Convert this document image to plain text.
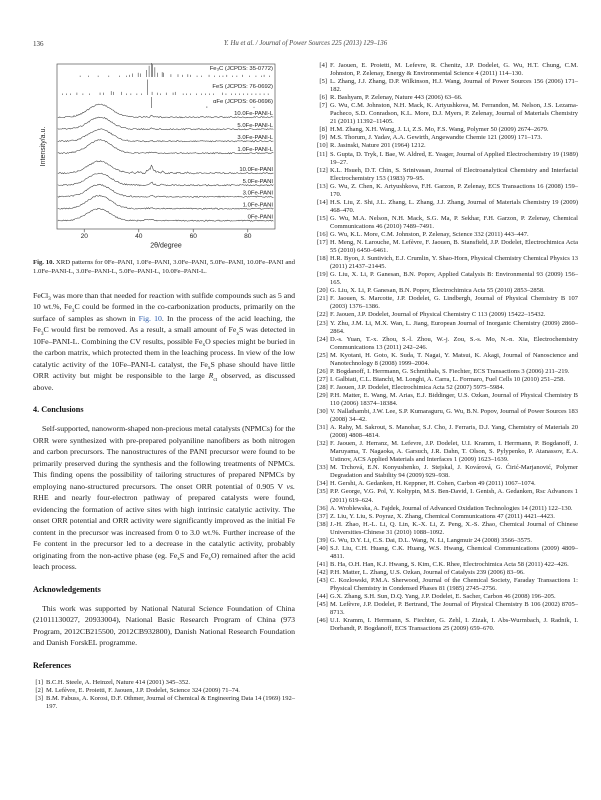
136	Y. Hu et al. / Journal of Power Sources 225 (2013) 129–136
Fe₃C (JCPDS: 35-0772)
FeS (JCPDS: 76-0692)
αFe (JCPDS: 06-0696)
10.0Fe-PANI-L
5.0Fe-PANI-L
3.0Fe-PANI-L
1.0Fe-PANI-L
10.0Fe-PANI
5.0Fe-PANI
3.0Fe-PANI
1.0Fe-PANI
0Fe-PANI
20	40	60	80
2θ/degree
Intensity/a.u.
Fig. 10. XRD patterns for 0Fe–PANI, 1.0Fe–PANI, 3.0Fe–PANI, 5.0Fe–PANI, 10.0Fe–PANI and 1.0Fe–PANI-L, 3.0Fe–PANI-L, 5.0Fe–PANI-L, 10.0Fe–PANI-L.

FeCl$_3$ was more than that needed for reaction with sulfide compounds such as 5 and 10 wt.%, $Fe_3C$ could be formed in the co-carbonization products, primarily on the surface of samples as shown in Fig. 10. In the process of the acid leaching, the $Fe_3C$ would first be removed. As a result, a small amount of $Fe_xS$ was detected in 10Fe–PANI-L. Combining the CV results, possible $Fe_xO$ species might be buried in the carbon matrix, which protected them in the leaching process. In view of the low catalytic activity of the 10Fe–PANI-L catalyst, the $Fe_xS$ phase should have little ORR activity but might be responsible to the large $R_{ct}$ observed, as discussed above.

4. Conclusions

Self-supported, nanoworm-shaped non-precious metal catalysts (NPMCs) for the ORR were synthesized with pre-prepared polyaniline nanofibers as both nitrogen and carbon precursors. The nanostructures of the PANI precursor were found to be primarily preserved during the synthesis and the following treatments of NPMCs. This finding opens the possibility of tailoring structures of prepared NPMCs by employing nano-structured precursors. The onset ORR potential of 0.905 V vs. RHE and nearly four-electron pathway of prepared catalysts were found, evidencing the formation of active sites with high intrinsic catalytic activity. The onset ORR potential and ORR activity were significantly improved as the initial Fe content in the precursor was increased from 0 to 3.0 wt.%. Further increase of the Fe content in the precursor led to a decrease in the catalytic activity, probably originating from the non-active phase (eg. $Fe_xS$ and $Fe_xO$) remained after the acid leach process.

Acknowledgements

This work was supported by National Natural Science Foundation of China (21011130027, 20933004), National Basic Research Program of China (973 Program, 2012CB215500, 2012CB932800), Danish National Research Foundation and Danish ForskEL programme.

References
[1] B.C.H. Steele, A. Heinzel, Nature 414 (2001) 345–352.
[2] M. Lefèvre, E. Proietti, F. Jaouen, J.P. Dodelet, Science 324 (2009) 71–74.
[3] B.M. Fabuss, A. Korosi, D.F. Othmer, Journal of Chemical & Engineering Data 14 (1969) 192–197.
[4] F. Jaouen, E. Proietti, M. Lefevre, R. Chenitz, J.P. Dodelet, G. Wu, H.T. Chung, C.M. Johnston, P. Zelenay, Energy & Environmental Science 4 (2011) 114–130.
[5] L. Zhang, J.J. Zhang, D.P. Wilkinson, H.J. Wang, Journal of Power Sources 156 (2006) 171–182.
[6] R. Bashyam, P. Zelenay, Nature 443 (2006) 63–66.
[7] G. Wu, C.M. Johnston, N.H. Mack, K. Artyushkova, M. Ferrandon, M. Nelson, J.S. Lezama-Pacheco, S.D. Conradson, K.L. More, D.J. Myers, P. Zelenay, Journal of Materials Chemistry 21 (2011) 11392–11405.
[8] H.M. Zhang, X.H. Wang, J. Li, Z.S. Mo, F.S. Wang, Polymer 50 (2009) 2674–2679.
[9] M.S. Thorum, J. Yadav, A.A. Gewirth, Angewandte Chemie 121 (2009) 171–173.
[10] R. Jasinski, Nature 201 (1964) 1212.
[11] S. Gupta, D. Tryk, I. Bae, W. Aldred, E. Yeager, Journal of Applied Electrochemistry 19 (1989) 19–27.
[12] K.L. Hsueh, D.T. Chin, S. Srinivasan, Journal of Electroanalytical Chemistry and Interfacial Electrochemistry 153 (1983) 79–95.
[13] G. Wu, Z. Chen, K. Artyushkova, F.H. Garzon, P. Zelenay, ECS Transactions 16 (2008) 159–170.
[14] H.S. Liu, Z. Shi, J.L. Zhang, L. Zhang, J.J. Zhang, Journal of Materials Chemistry 19 (2009) 468–470.
[15] G. Wu, M.A. Nelson, N.H. Mack, S.G. Ma, P. Sekhar, F.H. Garzon, P. Zelenay, Chemical Communications 46 (2010) 7489–7491.
[16] G. Wu, K.L. More, C.M. Johnston, P. Zelenay, Science 332 (2011) 443–447.
[17] H. Meng, N. Larouche, M. Lefèvre, F. Jaouen, B. Stansfield, J.P. Dodelet, Electrochimica Acta 55 (2010) 6450–6461.
[18] H.R. Byon, J. Suntivich, E.J. Crumlin, Y. Shao-Horn, Physical Chemistry Chemical Physics 13 (2011) 21437–21445.
[19] G. Liu, X. Li, P. Ganesan, B.N. Popov, Applied Catalysis B: Environmental 93 (2009) 156–165.
[20] G. Liu, X. Li, P. Ganesan, B.N. Popov, Electrochimica Acta 55 (2010) 2853–2858.
[21] F. Jaouen, S. Marcotte, J.P. Dodelet, G. Lindbergh, Journal of Physical Chemistry B 107 (2003) 1376–1386.
[22] F. Jaouen, J.P. Dodelet, Journal of Physical Chemistry C 113 (2009) 15422–15432.
[23] Y. Zhu, J.M. Li, M.X. Wan, L. Jiang, European Journal of Inorganic Chemistry (2009) 2860–2864.
[24] D.-s. Yuan, T.-x. Zhou, S.-l. Zhou, W.-j. Zou, S.-s. Mo, N.-n. Xia, Electrochemistry Communications 13 (2011) 242–246.
[25] M. Kyotani, H. Goto, K. Suda, T. Nagai, Y. Matsui, K. Akagi, Journal of Nanoscience and Nanotechnology 8 (2008) 1999–2004.
[26] P. Bogdanoff, I. Herrmann, G. Schmithals, S. Fiechter, ECS Transactions 3 (2006) 211–219.
[27] I. Galbiati, C.L. Bianchi, M. Longhi, A. Carra, L. Formaro, Fuel Cells 10 (2010) 251–258.
[28] F. Jaouen, J.P. Dodelet, Electrochimica Acta 52 (2007) 5975–5984.
[29] P.H. Matter, E. Wang, M. Arias, E.J. Biddinger, U.S. Ozkan, Journal of Physical Chemistry B 110 (2006) 18374–18384.
[30] V. Nallathambi, J.W. Lee, S.P. Kumaraguru, G. Wu, B.N. Popov, Journal of Power Sources 183 (2008) 34–42.
[31] A. Rahy, M. Sakrout, S. Manohar, S.J. Cho, J. Ferraris, D.J. Yang, Chemistry of Materials 20 (2008) 4808–4814.
[32] F. Jaouen, J. Herranz, M. Lefevre, J.P. Dodelet, U.I. Kramm, I. Herrmann, P. Bogdanoff, J. Maruyama, T. Nagaoka, A. Garsuch, J.R. Dahn, T. Olson, S. Pylypenko, P. Atanassov, E.A. Ustinov, ACS Applied Materials and Interfaces 1 (2009) 1623–1639.
[33] M. Trchová, E.N. Konyushenko, J. Stejskal, J. Kovárová, G. Ćirić-Marjanović, Polymer Degradation and Stability 94 (2009) 929–938.
[34] H. Gershi, A. Gedanken, H. Keppner, H. Cohen, Carbon 49 (2011) 1067–1074.
[35] P.P. George, V.G. Pol, Y. Koltypin, M.S. Ben-David, I. Genish, A. Gedanken, Rsc Advances 1 (2011) 619–624.
[36] A. Wroblewska, A. Fajdek, Journal of Advanced Oxidation Technologies 14 (2011) 122–130.
[37] Z. Liu, Y. Liu, S. Poyraz, X. Zhang, Chemical Communications 47 (2011) 4421–4423.
[38] J.-H. Zhao, H.-L. Li, Q. Lin, K.-X. Li, Z. Peng, X.-S. Zhao, Chemical Journal of Chinese Universities-Chinese 31 (2010) 1088–1092.
[39] G. Wu, D.Y. Li, C.S. Dai, D.L. Wang, N. Li, Langmuir 24 (2008) 3566–3575.
[40] S.J. Liu, C.H. Huang, C.K. Huang, W.S. Hwang, Chemical Communications (2009) 4809–4811.
[41] B. Ha, O.H. Han, K.J. Hwang, S. Kim, C.K. Rhee, Electrochimica Acta 58 (2011) 422–426.
[42] P.H. Matter, L. Zhang, U.S. Ozkan, Journal of Catalysis 239 (2006) 83–96.
[43] C. Kozlowski, P.M.A. Sherwood, Journal of the Chemical Society, Faraday Transactions 1: Physical Chemistry in Condensed Phases 81 (1985) 2745–2756.
[44] G.X. Zhang, S.H. Sun, D.Q. Yang, J.P. Dodelet, E. Sacher, Carbon 46 (2008) 196–205.
[45] M. Lefèvre, J.P. Dodelet, P. Bertrand, The Journal of Physical Chemistry B 106 (2002) 8705–8713.
[46] U.I. Kramm, I. Herrmann, S. Fiechter, G. Zehl, I. Zizak, I. Abs-Wurmbach, J. Radnik, I. Dorbandt, P. Bogdanoff, ECS Transactions 25 (2009) 659–670.
